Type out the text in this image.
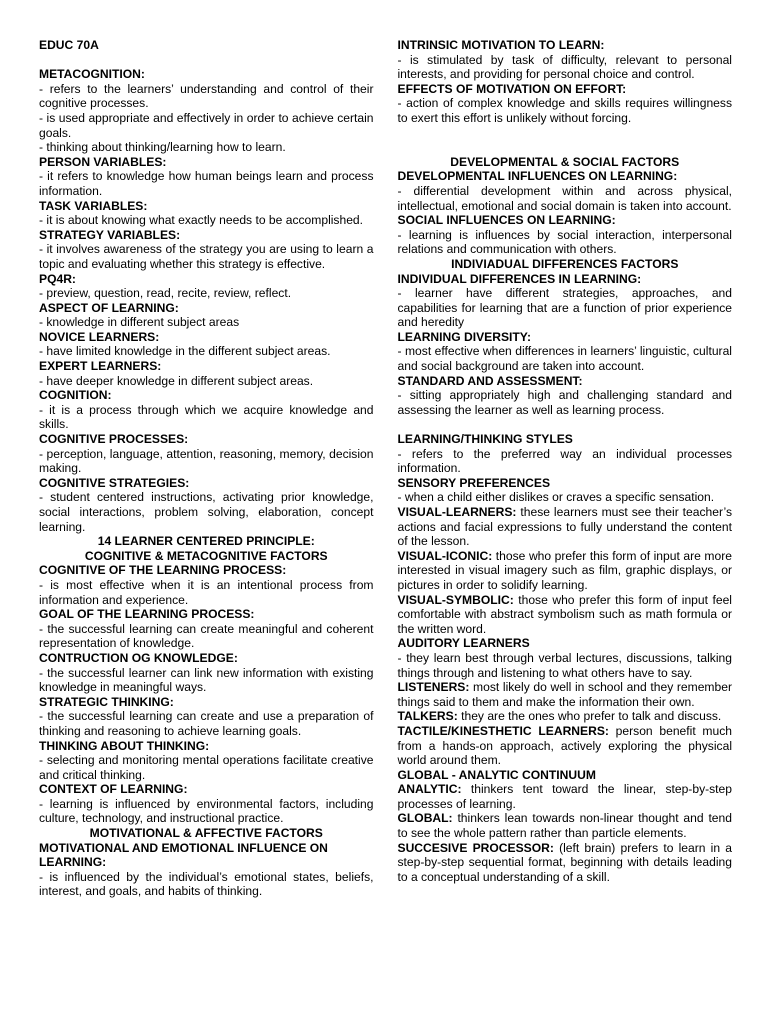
EDUC 70A

METACOGNITION:

- refers to the learners’ understanding and control of their cognitive processes.

- is used appropriate and effectively in order to achieve certain goals.

- thinking about thinking/learning how to learn.

PERSON VARIABLES:

- it refers to knowledge how human beings learn and process information.

TASK VARIABLES:

- it is about knowing what exactly needs to be accomplished.

STRATEGY VARIABLES:

- it involves awareness of the strategy you are using to learn a topic and evaluating whether this strategy is effective.

PQ4R:

- preview, question, read, recite, review, reflect.

ASPECT OF LEARNING:

- knowledge in different subject areas

NOVICE LEARNERS:

- have limited knowledge in the different subject areas.

EXPERT LEARNERS:

- have deeper knowledge in different subject areas.

COGNITION:

- it is a process through which we acquire knowledge and skills.

COGNITIVE PROCESSES:

- perception, language, attention, reasoning, memory, decision making.

COGNITIVE STRATEGIES:

- student centered instructions, activating prior knowledge, social interactions, problem solving, elaboration, concept learning.

14 LEARNER CENTERED PRINCIPLE:

COGNITIVE & METACOGNITIVE FACTORS

COGNITIVE OF THE LEARNING PROCESS:

- is most effective when it is an intentional process from information and experience.

GOAL OF THE LEARNING PROCESS:

- the successful learning can create meaningful and coherent representation of knowledge.

CONTRUCTION OG KNOWLEDGE:

- the successful learner can link new information with existing knowledge in meaningful ways.

STRATEGIC THINKING:

- the successful learning can create and use a preparation of thinking and reasoning to achieve learning goals.

THINKING ABOUT THINKING:

- selecting and monitoring mental operations facilitate creative and critical thinking.

CONTEXT OF LEARNING:

- learning is influenced by environmental factors, including culture, technology, and instructional practice.

MOTIVATIONAL & AFFECTIVE FACTORS

MOTIVATIONAL AND EMOTIONAL INFLUENCE ON LEARNING:

- is influenced by the individual’s emotional states, beliefs, interest, and goals, and habits of thinking.

INTRINSIC MOTIVATION TO LEARN:

- is stimulated by task of difficulty, relevant to personal interests, and providing for personal choice and control.

EFFECTS OF MOTIVATION ON EFFORT:

- action of complex knowledge and skills requires willingness to exert this effort is unlikely without forcing.

DEVELOPMENTAL & SOCIAL FACTORS

DEVELOPMENTAL INFLUENCES ON LEARNING:

- differential development within and across physical, intellectual, emotional and social domain is taken into account.

SOCIAL INFLUENCES ON LEARNING:

- learning is influences by social interaction, interpersonal relations and communication with others.

INDIVIADUAL DIFFERENCES FACTORS

INDIVIDUAL DIFFERENCES IN LEARNING:

- learner have different strategies, approaches, and capabilities for learning that are a function of prior experience and heredity

LEARNING DIVERSITY:

- most effective when differences in learners’ linguistic, cultural and social background are taken into account.

STANDARD AND ASSESSMENT:

- sitting appropriately high and challenging standard and assessing the learner as well as learning process.

LEARNING/THINKING STYLES

- refers to the preferred way an individual processes information.

SENSORY PREFERENCES

- when a child either dislikes or craves a specific sensation.

VISUAL-LEARNERS: these learners must see their teacher’s actions and facial expressions to fully understand the content of the lesson.

VISUAL-ICONIC: those who prefer this form of input are more interested in visual imagery such as film, graphic displays, or pictures in order to solidify learning.

VISUAL-SYMBOLIC: those who prefer this form of input feel comfortable with abstract symbolism such as math formula or the written word.

AUDITORY LEARNERS

- they learn best through verbal lectures, discussions, talking things through and listening to what others have to say.

LISTENERS: most likely do well in school and they remember things said to them and make the information their own.

TALKERS: they are the ones who prefer to talk and discuss.

TACTILE/KINESTHETIC LEARNERS: person benefit much from a hands-on approach, actively exploring the physical world around them.

GLOBAL - ANALYTIC CONTINUUM

ANALYTIC: thinkers tent toward the linear, step-by-step processes of learning.

GLOBAL: thinkers lean towards non-linear thought and tend to see the whole pattern rather than particle elements.

SUCCESIVE PROCESSOR: (left brain) prefers to learn in a step-by-step sequential format, beginning with details leading to a conceptual understanding of a skill.
